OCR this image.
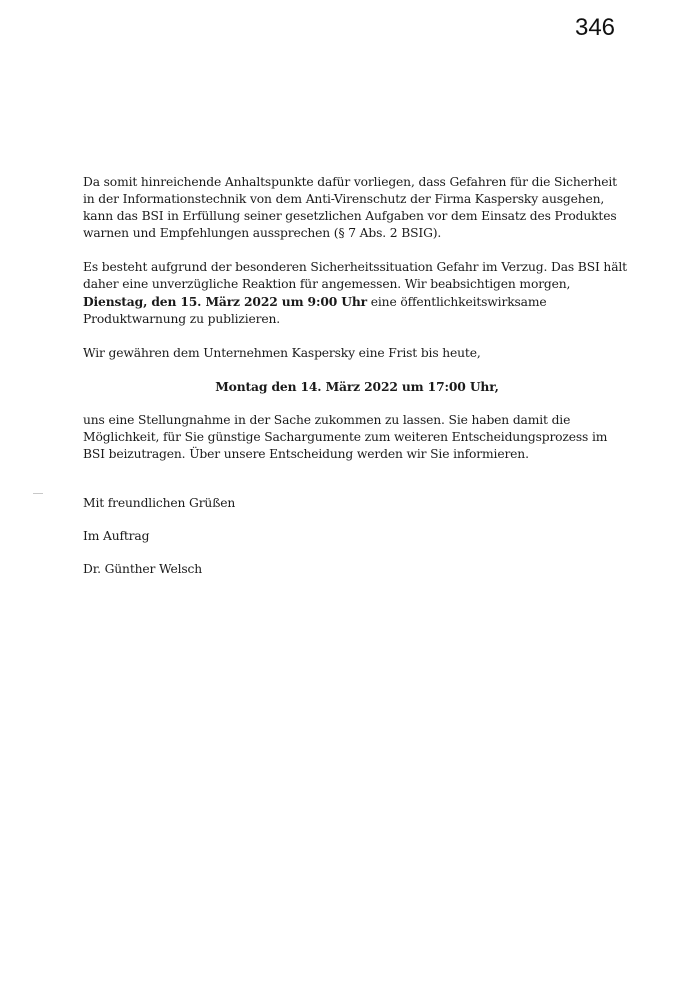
346

Da somit hinreichende Anhaltspunkte dafür vorliegen, dass Gefahren für die Sicherheit in der Informationstechnik von dem Anti-Virenschutz der Firma Kaspersky ausgehen, kann das BSI in Erfüllung seiner gesetzlichen Aufgaben vor dem Einsatz des Produktes warnen und Empfehlungen aussprechen (§ 7 Abs. 2 BSIG).

Es besteht aufgrund der besonderen Sicherheitssituation Gefahr im Verzug. Das BSI hält daher eine unverzügliche Reaktion für angemessen. Wir beabsichtigen morgen, Dienstag, den 15. März 2022 um 9:00 Uhr eine öffentlichkeitswirksame Produktwarnung zu publizieren.

Wir gewähren dem Unternehmen Kaspersky eine Frist bis heute,

Montag den 14. März 2022 um 17:00 Uhr,

uns eine Stellungnahme in der Sache zukommen zu lassen. Sie haben damit die Möglichkeit, für Sie günstige Sachargumente zum weiteren Entscheidungsprozess im BSI beizutragen. Über unsere Entscheidung werden wir Sie informieren.

Mit freundlichen Grüßen

Im Auftrag

Dr. Günther Welsch
